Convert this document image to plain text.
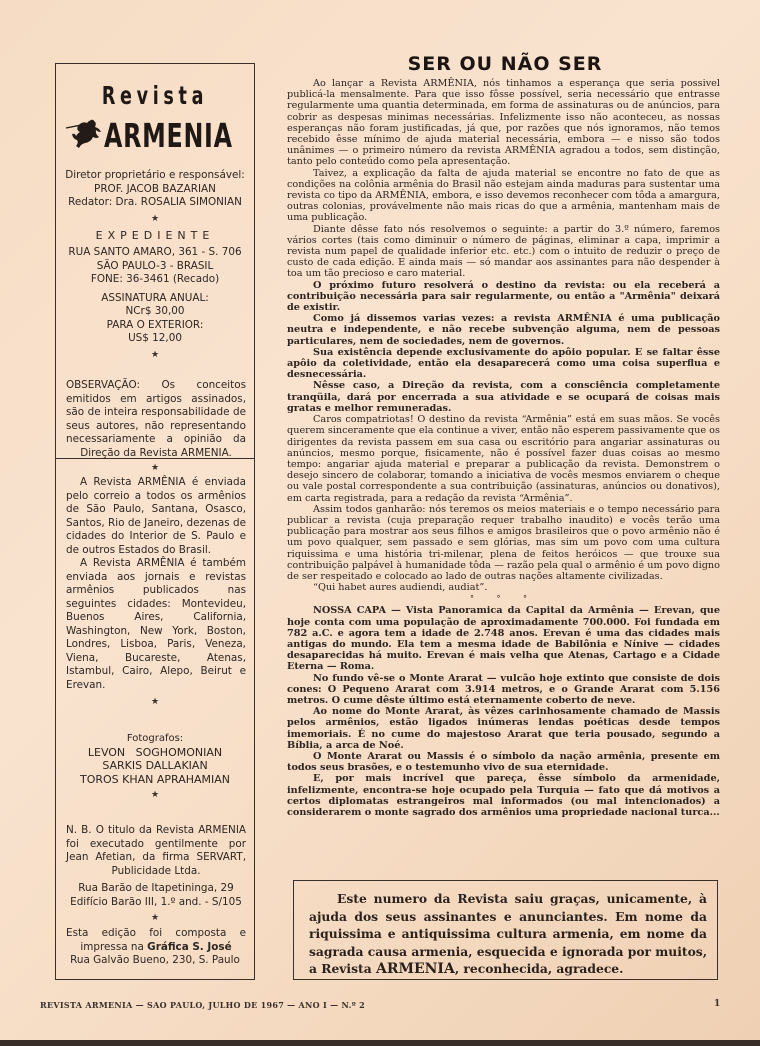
Revista
ARMENIA
Diretor proprietário e responsável:
PROF. JACOB BAZARIAN
Redator: Dra. ROSALIA SIMONIAN
★
EXPEDIENTE
RUA SANTO AMARO, 361 - S. 706
SÃO PAULO-3 - BRASIL
FONE: 36-3461 (Recado)
ASSINATURA ANUAL:
NCr$ 30,00
PARA O EXTERIOR:
US$ 12,00
★
OBSERVAÇÃO: Os conceitos emitidos em artigos assinados, são de inteira responsabilidade de seus autores, não representando necessariamente a opinião da Direção da Revista ARMENIA.
★
A Revista ARMÊNIA é enviada pelo correio a todos os armênios de São Paulo, Santana, Osasco, Santos, Rio de Janeiro, dezenas de cidades do Interior de S. Paulo e de outros Estados do Brasil.
A Revista ARMÊNIA é também enviada aos jornais e revistas armênios publicados nas seguintes cidades: Montevideu, Buenos Aires, California, Washington, New York, Boston, Londres, Lisboa, Paris, Veneza, Viena, Bucareste, Atenas, Istambul, Cairo, Alepo, Beirut e Erevan.
★
Fotografos:
LEVON   SOGHOMONIAN
SARKIS DALLAKIAN
TOROS KHAN APRAHAMIAN
★
N. B. O titulo da Revista ARMENIA foi executado gentilmente por Jean Afetian, da firma SERVART, Publicidade Ltda.
Rua Barão de Itapetininga, 29
Edifício Barão III, 1.º and. - S/105
★
Esta edição foi composta e impressa na Gráfica S. José
Rua Galvão Bueno, 230, S. Paulo
SER OU NÃO SER

Ao lançar a Revista ARMÊNIA, nós tinhamos a esperança que seria possivel publicá-la mensalmente. Para que isso fôsse possível, seria necessário que entrasse regularmente uma quantia determinada, em forma de assinaturas ou de anúncios, para cobrir as despesas minimas necessárias. Infelizmente isso não aconteceu, as nossas esperanças não foram justificadas, já que, por razões que nós ignoramos, não temos recebido êsse mínimo de ajuda material necessária, embora — e nisso são todos unânimes — o primeiro número da revista ARMÊNIA agradou a todos, sem distinção, tanto pelo conteúdo como pela apresentação.

Taivez, a explicação da falta de ajuda material se encontre no fato de que as condições na colônia armênia do Brasil não estejam ainda maduras para sustentar uma revista co tipo da ARMÊNIA, embora, e isso devemos reconhecer com tôda a amargura, outras colonias, provávelmente não mais ricas do que a armênia, mantenham mais de uma publicação.

Diante dêsse fato nós resolvemos o seguinte: a partir do 3.º número, faremos vários cortes (tais como diminuir o número de páginas, eliminar a capa, imprimir a revista num papel de qualidade inferior etc. etc.) com o intuito de reduzir o preço de custo de cada edição. E ainda mais — só mandar aos assinantes para não despender à toa um tão precioso e caro material.

O próximo futuro resolverá o destino da revista: ou ela receberá a contribuição necessária para sair regularmente, ou então a "Armênia" deixará de existir.

Como já dissemos varias vezes: a revista ARMÊNIA é uma publicação neutra e independente, e não recebe subvenção alguma, nem de pessoas particulares, nem de sociedades, nem de governos.

Sua existência depende exclusivamente do apôio popular. E se faltar êsse apôio da coletividade, então ela desaparecerá como uma coisa superflua e desnecessária.

Nêsse caso, a Direção da revista, com a consciência completamente tranqüila, dará por encerrada a sua atividade e se ocupará de coisas mais gratas e melhor remuneradas.

Caros compatriotas! O destino da revista “Armênia” está em suas mãos. Se vocês querem sinceramente que ela continue a viver, então não esperem passivamente que os dirigentes da revista passem em sua casa ou escritório para angariar assinaturas ou anúncios, mesmo porque, fisicamente, não é possível fazer duas coisas ao mesmo tempo: angariar ajuda material e preparar a publicação da revista. Demonstrem o desejo sincero de colaborar, tomando a iniciativa de vocês mesmos enviarem o cheque ou vale postal correspondente a sua contribuição (assinaturas, anúncios ou donativos), em carta registrada, para a redação da revista “Armênia”.

Assim todos ganharão: nós teremos os meios materiais e o tempo necessário para publicar a revista (cuja preparação requer trabalho inaudito) e vocês terão uma publicação para mostrar aos seus filhos e amigos brasileiros que o povo armênio não é um povo qualquer, sem passado e sem glórias, mas sim um povo com uma cultura riquissima e uma história tri-milenar, plena de feitos heróicos — que trouxe sua contribuição palpável à humanidade tôda — razão pela qual o armênio é um povo digno de ser respeitado e colocado ao lado de outras nações altamente civilizadas.

“Qui habet aures audiendi, audiat”.

° ° °

NOSSA CAPA — Vista Panoramica da Capital da Armênia — Erevan, que hoje conta com uma população de aproximadamente 700.000. Foi fundada em 782 a.C. e agora tem a idade de 2.748 anos. Erevan é uma das cidades mais antigas do mundo. Ela tem a mesma idade de Babilônia e Nínive — cidades desaparecidas há muito. Erevan é mais velha que Atenas, Cartago e a Cidade Eterna — Roma.

No fundo vê-se o Monte Ararat — vulcão hoje extinto que consiste de dois cones: O Pequeno Ararat com 3.914 metros, e o Grande Ararat com 5.156 metros. O cume dêste último está eternamente coberto de neve.

Ao nome do Monte Ararat, às vêzes carinhosamente chamado de Massis pelos armênios, estão ligados inúmeras lendas poéticas desde tempos imemoriais. É no cume do majestoso Ararat que teria pousado, segundo a Bíblia, a arca de Noé.

O Monte Ararat ou Massis é o símbolo da nação armênia, presente em todos seus brasões, e o testemunho vivo de sua eternidade.

E, por mais incrível que pareça, êsse símbolo da armenidade, infelizmente, encontra-se hoje ocupado pela Turquia — fato que dá motivos a certos diplomatas estrangeiros mal informados (ou mal intencionados) a considerarem o monte sagrado dos armênios uma propriedade nacional turca...

Este numero da Revista saiu graças, unicamente, à ajuda dos seus assinantes e anunciantes. Em nome da riquissima e antiquissima cultura armenia, em nome da sagrada causa armenia, esquecida e ignorada por muitos, a Revista ARMENIA, reconhecida, agradece.
REVISTA ARMENIA — SAO PAULO, JULHO DE 1967 — ANO I — N.º 2	1
